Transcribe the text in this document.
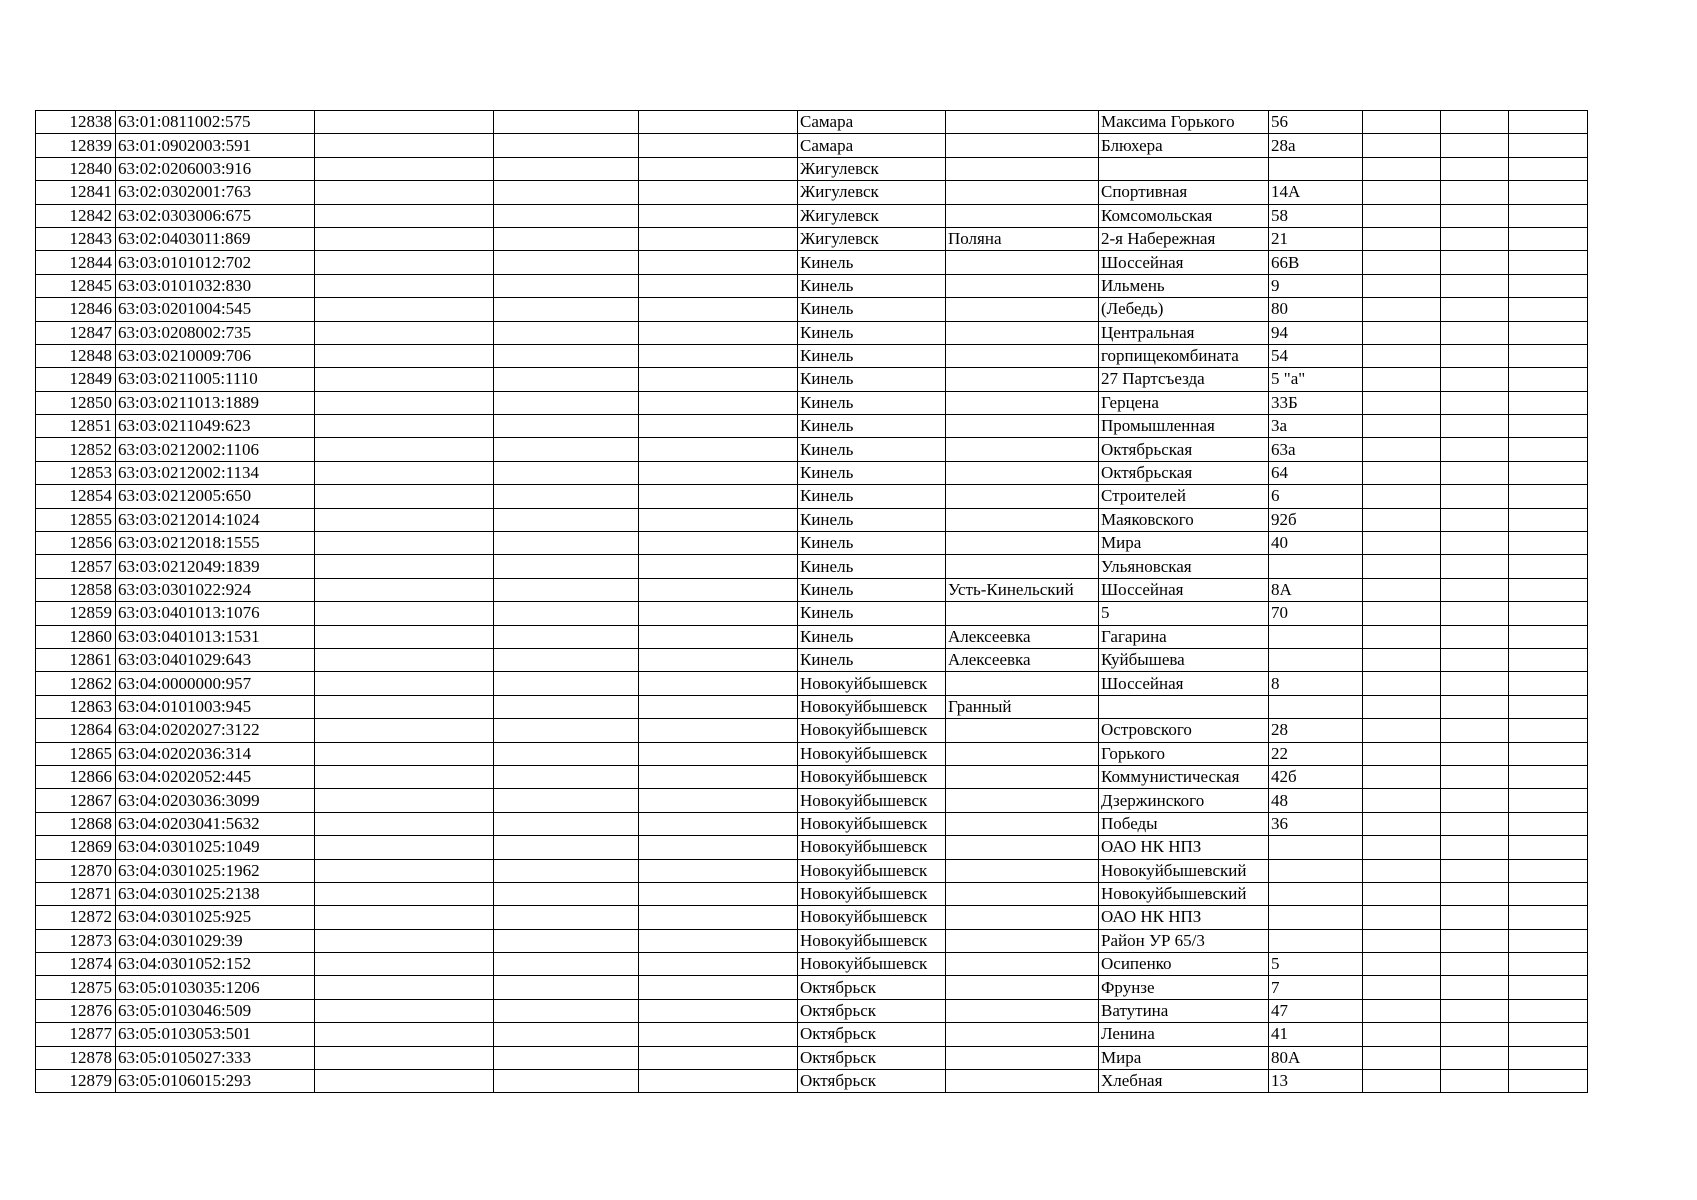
12838	63:01:0811002:575				Самара		Максима Горького	56			
12839	63:01:0902003:591				Самара		Блюхера	28а			
12840	63:02:0206003:916				Жигулевск						
12841	63:02:0302001:763				Жигулевск		Спортивная	14А			
12842	63:02:0303006:675				Жигулевск		Комсомольская	58			
12843	63:02:0403011:869				Жигулевск	Поляна	2-я Набережная	21			
12844	63:03:0101012:702				Кинель		Шоссейная	66В			
12845	63:03:0101032:830				Кинель		Ильмень	9			
12846	63:03:0201004:545				Кинель		(Лебедь)	80			
12847	63:03:0208002:735				Кинель		Центральная	94			
12848	63:03:0210009:706				Кинель		горпищекомбината	54			
12849	63:03:0211005:1110				Кинель		27 Партсъезда	5 "а"			
12850	63:03:0211013:1889				Кинель		Герцена	33Б			
12851	63:03:0211049:623				Кинель		Промышленная	3а			
12852	63:03:0212002:1106				Кинель		Октябрьская	63а			
12853	63:03:0212002:1134				Кинель		Октябрьская	64			
12854	63:03:0212005:650				Кинель		Строителей	6			
12855	63:03:0212014:1024				Кинель		Маяковского	92б			
12856	63:03:0212018:1555				Кинель		Мира	40			
12857	63:03:0212049:1839				Кинель		Ульяновская				
12858	63:03:0301022:924				Кинель	Усть-Кинельский	Шоссейная	8А			
12859	63:03:0401013:1076				Кинель		5	70			
12860	63:03:0401013:1531				Кинель	Алексеевка	Гагарина				
12861	63:03:0401029:643				Кинель	Алексеевка	Куйбышева				
12862	63:04:0000000:957				Новокуйбышевск		Шоссейная	8			
12863	63:04:0101003:945				Новокуйбышевск	Гранный					
12864	63:04:0202027:3122				Новокуйбышевск		Островского	28			
12865	63:04:0202036:314				Новокуйбышевск		Горького	22			
12866	63:04:0202052:445				Новокуйбышевск		Коммунистическая	42б			
12867	63:04:0203036:3099				Новокуйбышевск		Дзержинского	48			
12868	63:04:0203041:5632				Новокуйбышевск		Победы	36			
12869	63:04:0301025:1049				Новокуйбышевск		ОАО НК НПЗ				
12870	63:04:0301025:1962				Новокуйбышевск		Новокуйбышевский				
12871	63:04:0301025:2138				Новокуйбышевск		Новокуйбышевский				
12872	63:04:0301025:925				Новокуйбышевск		ОАО НК НПЗ				
12873	63:04:0301029:39				Новокуйбышевск		Район УР 65/3				
12874	63:04:0301052:152				Новокуйбышевск		Осипенко	5			
12875	63:05:0103035:1206				Октябрьск		Фрунзе	7			
12876	63:05:0103046:509				Октябрьск		Ватутина	47			
12877	63:05:0103053:501				Октябрьск		Ленина	41			
12878	63:05:0105027:333				Октябрьск		Мира	80А			
12879	63:05:0106015:293				Октябрьск		Хлебная	13			
